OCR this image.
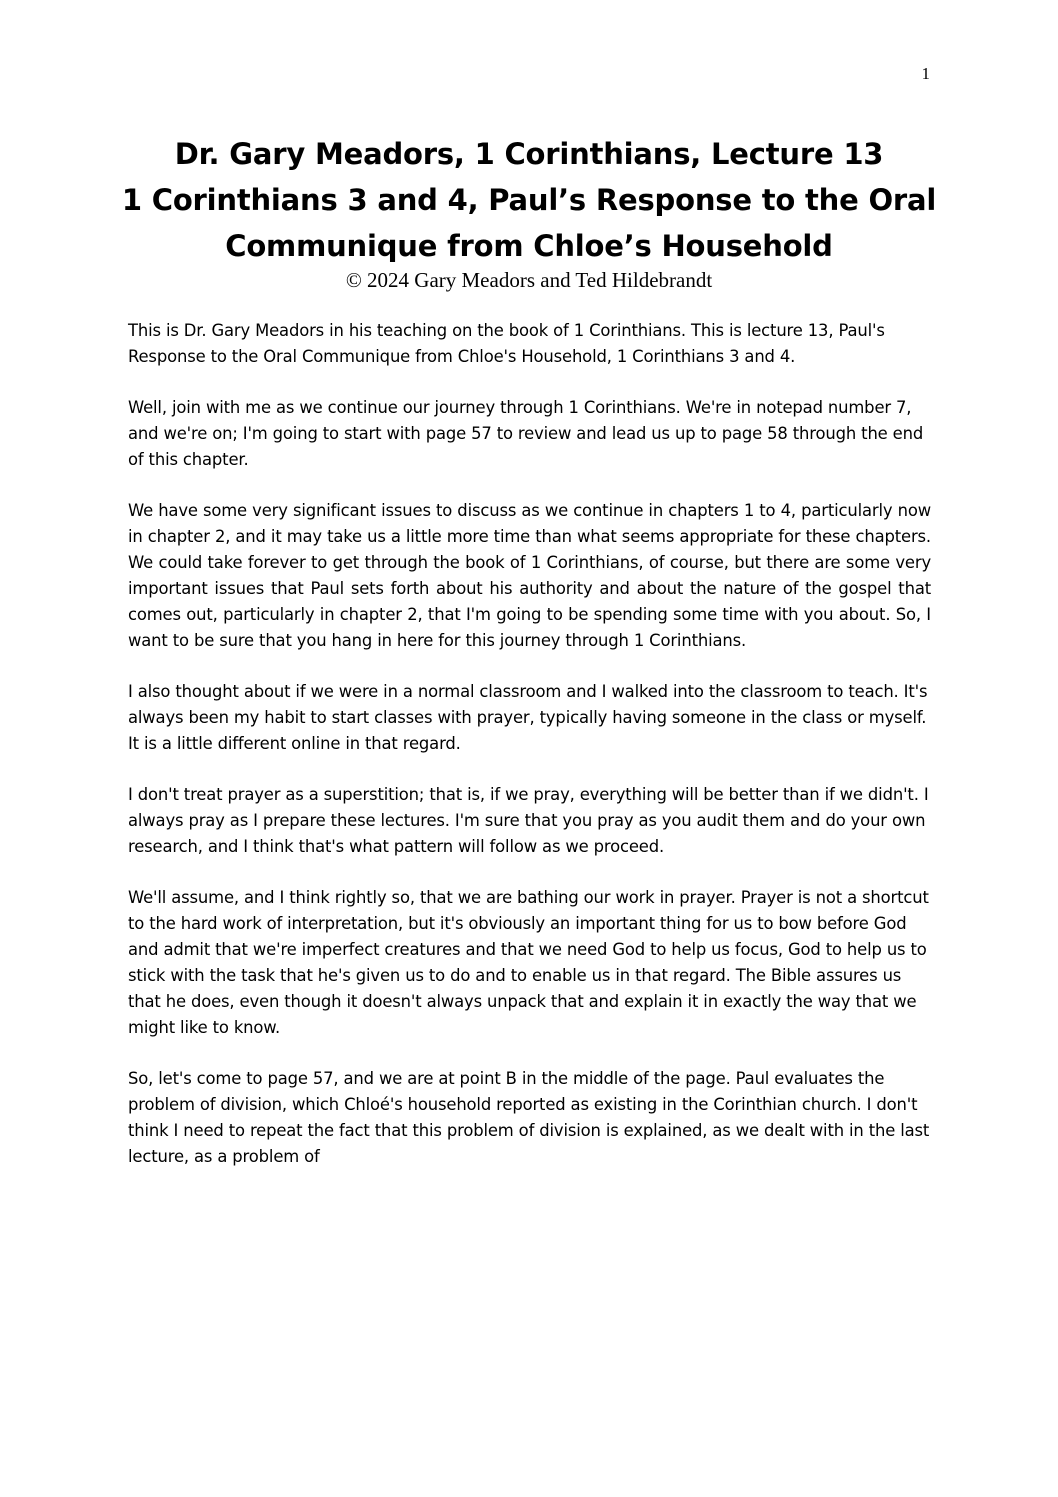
1
Dr. Gary Meadors, 1 Corinthians, Lecture 13
1 Corinthians 3 and 4, Paul’s Response to the Oral
Communique from Chloe’s Household
© 2024 Gary Meadors and Ted Hildebrandt

This is Dr. Gary Meadors in his teaching on the book of 1 Corinthians. This is lecture 13, Paul's Response to the Oral Communique from Chloe's Household, 1 Corinthians 3 and 4.

Well, join with me as we continue our journey through 1 Corinthians. We're in notepad number 7, and we're on; I'm going to start with page 57 to review and lead us up to page 58 through the end of this chapter.

We have some very significant issues to discuss as we continue in chapters 1 to 4, particularly now in chapter 2, and it may take us a little more time than what seems appropriate for these chapters. We could take forever to get through the book of 1 Corinthians, of course, but there are some very important issues that Paul sets forth about his authority and about the nature of the gospel that comes out, particularly in chapter 2, that I'm going to be spending some time with you about. So, I want to be sure that you hang in here for this journey through 1 Corinthians.

I also thought about if we were in a normal classroom and I walked into the classroom to teach. It's always been my habit to start classes with prayer, typically having someone in the class or myself. It is a little different online in that regard.

I don't treat prayer as a superstition; that is, if we pray, everything will be better than if we didn't. I always pray as I prepare these lectures. I'm sure that you pray as you audit them and do your own research, and I think that's what pattern will follow as we proceed.

We'll assume, and I think rightly so, that we are bathing our work in prayer. Prayer is not a shortcut to the hard work of interpretation, but it's obviously an important thing for us to bow before God and admit that we're imperfect creatures and that we need God to help us focus, God to help us to stick with the task that he's given us to do and to enable us in that regard. The Bible assures us that he does, even though it doesn't always unpack that and explain it in exactly the way that we might like to know.

So, let's come to page 57, and we are at point B in the middle of the page. Paul evaluates the problem of division, which Chloé's household reported as existing in the Corinthian church. I don't think I need to repeat the fact that this problem of division is explained, as we dealt with in the last lecture, as a problem of
